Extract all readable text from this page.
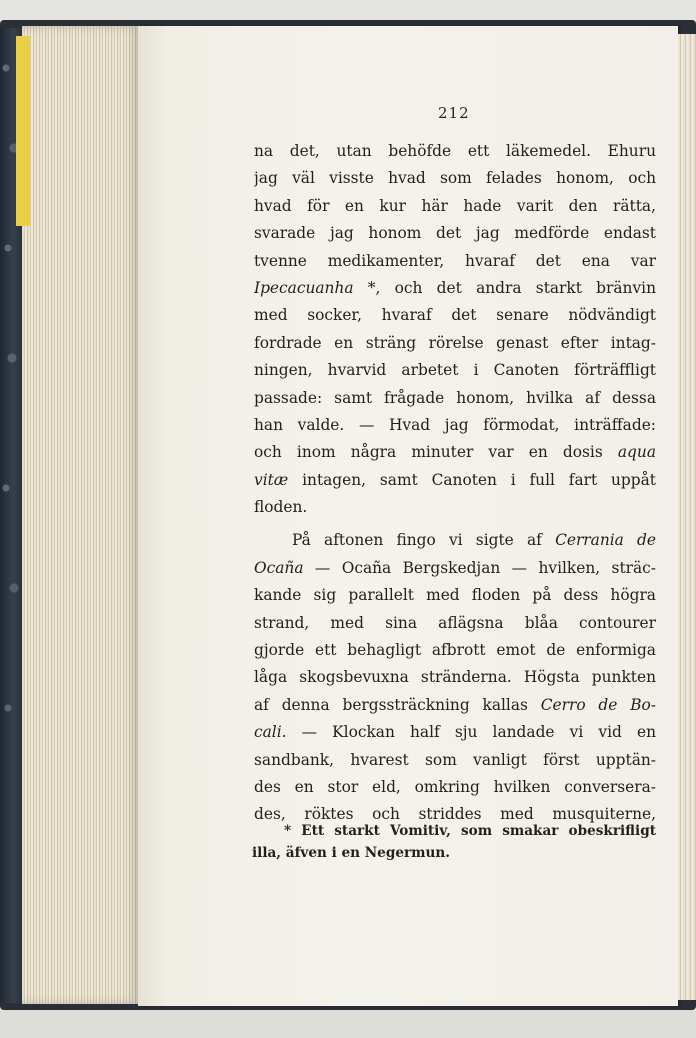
212
na det, utan behöfde ett läkemedel. Ehuru
jag väl visste hvad som felades honom, och
hvad för en kur här hade varit den rätta,
svarade jag honom det jag medförde endast
tvenne medikamenter, hvaraf det ena var
Ipecacuanha *, och det andra starkt bränvin
med socker, hvaraf det senare nödvändigt
fordrade en sträng rörelse genast efter intag-
ningen, hvarvid arbetet i Canoten förträffligt
passade: samt frågade honom, hvilka af dessa
han valde. — Hvad jag förmodat, inträffade:
och inom några minuter var en dosis aqua
vitæ intagen, samt Canoten i full fart uppåt
floden.
På aftonen fingo vi sigte af Cerrania de
Ocaña — Ocaña Bergskedjan — hvilken, sträc-
kande sig parallelt med floden på dess högra
strand, med sina aflägsna blåa contourer
gjorde ett behagligt afbrott emot de enformiga
låga skogsbevuxna stränderna. Högsta punkten
af denna bergssträckning kallas Cerro de Bo-
cali. — Klockan half sju landade vi vid en
sandbank, hvarest som vanligt först upptän-
des en stor eld, omkring hvilken conversera-
des, röktes och striddes med musquiterne,
* Ett starkt Vomitiv, som smakar obeskrifligt
illa, äfven i en Negermun.
